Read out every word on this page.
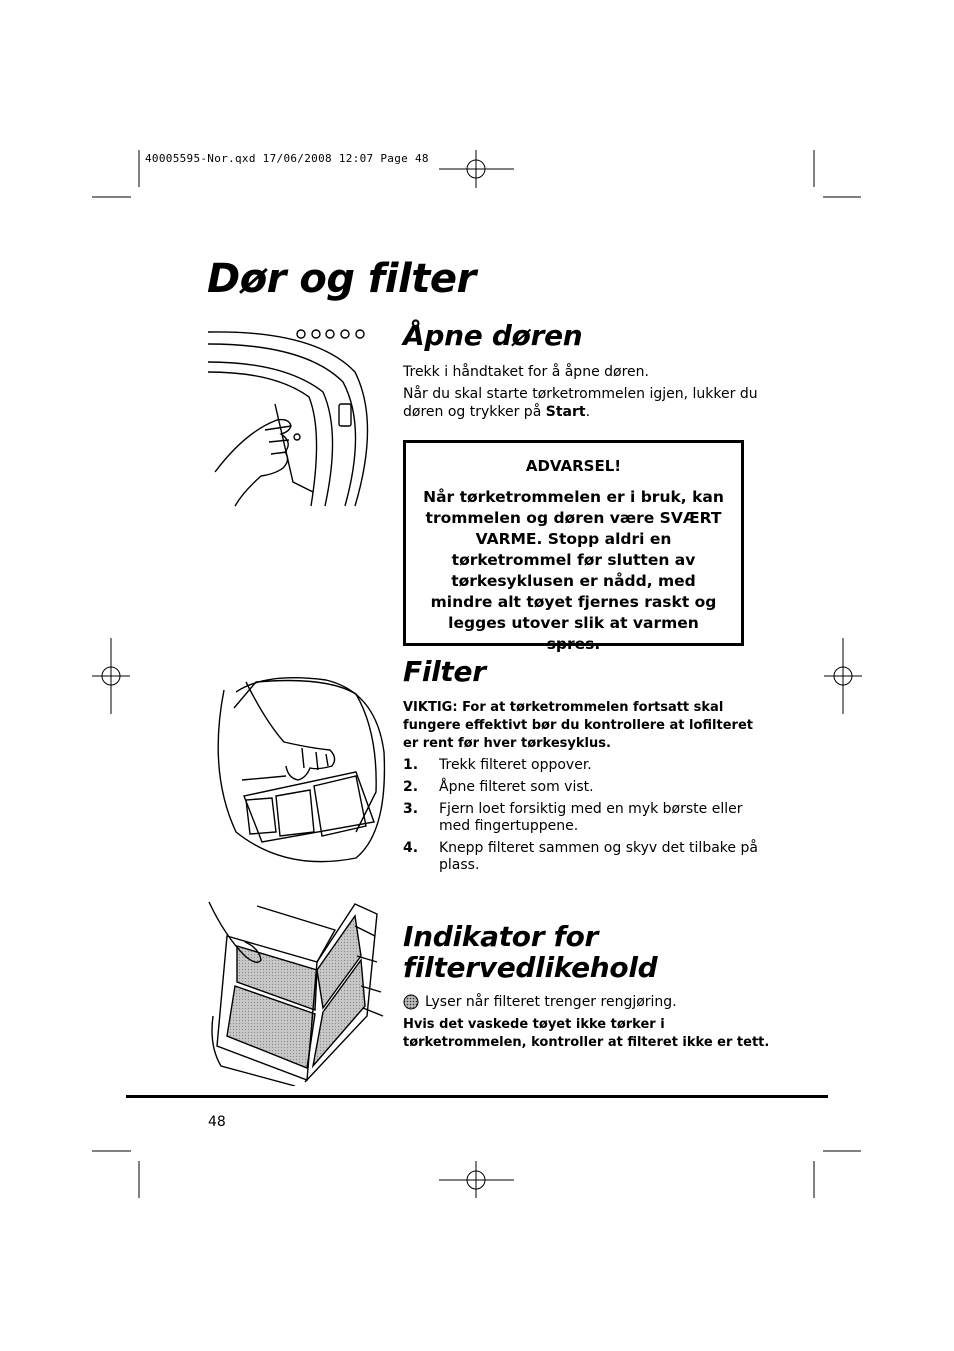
40005595-Nor.qxd 17/06/2008 12:07 Page 48
Dør og filter
Åpne døren
Trekk i håndtaket for å åpne døren.
Når du skal starte tørketrommelen igjen, lukker du døren og trykker på Start.
ADVARSEL!
Når tørketrommelen er i bruk, kan trommelen og døren være SVÆRT VARME. Stopp aldri en tørketrommel før slutten av tørkesyklusen er nådd, med mindre alt tøyet fjernes raskt og legges utover slik at varmen spres.
Filter
VIKTIG: For at tørketrommelen fortsatt skal fungere effektivt bør du kontrollere at lofilteret er rent før hver tørkesyklus.
1.	Trekk filteret oppover.
2.	Åpne filteret som vist.
3.	Fjern loet forsiktig med en myk børste eller med fingertuppene.
4.	Knepp filteret sammen og skyv det tilbake på plass.
Indikator for
filtervedlikehold
Lyser når filteret trenger rengjøring.
Hvis det vaskede tøyet ikke tørker i tørketrommelen, kontroller at filteret ikke er tett.
48
